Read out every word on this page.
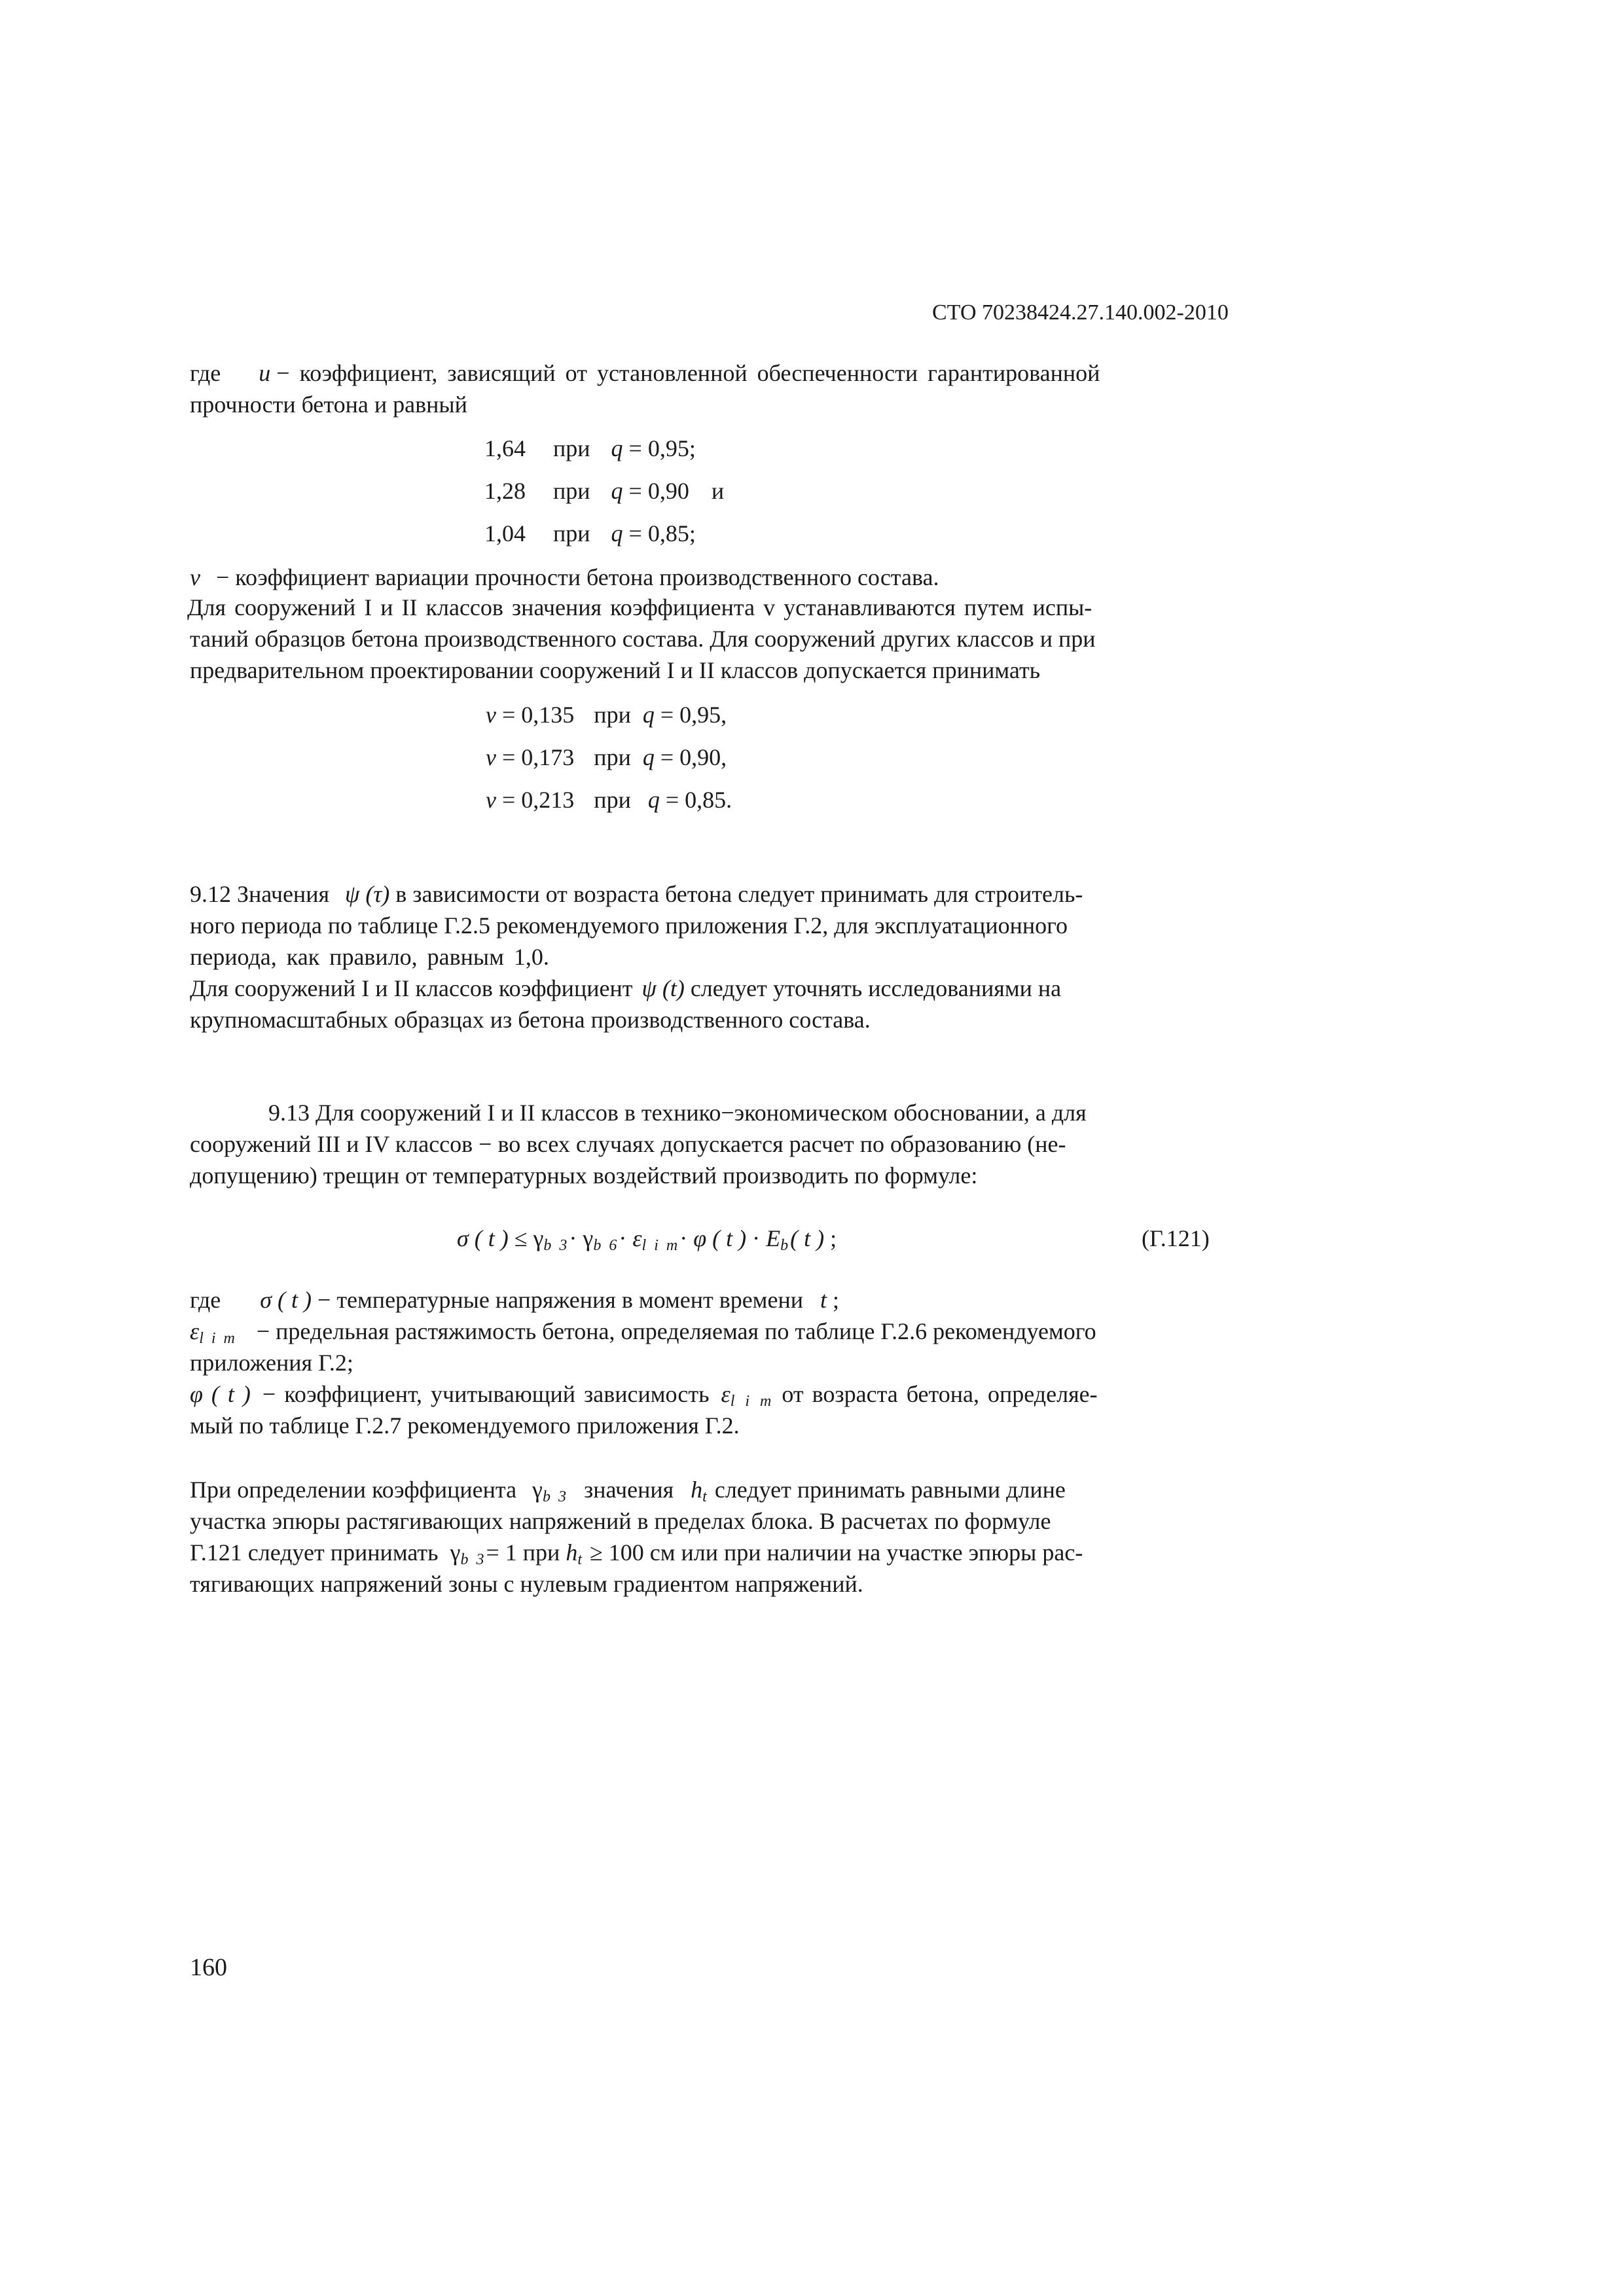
СТО 70238424.27.140.002-2010
где u − коэффициент, зависящий от установленной обеспеченности гарантированной
прочности бетона и равный
1,64 при q = 0,95;
1,28 при q = 0,90 и
1,04 при q = 0,85;
v − коэффициент вариации прочности бетона производственного состава.
Для сооружений I и II классов значения коэффициента v устанавливаются путем испы-
таний образцов бетона производственного состава. Для сооружений других классов и при
предварительном проектировании сооружений I и II классов допускается принимать
v = 0,135 при q = 0,95,
v = 0,173 при q = 0,90,
v = 0,213 при q = 0,85.
9.12 Значения ψ (τ) в зависимости от возраста бетона следует принимать для строитель-
ного периода по таблице Г.2.5 рекомендуемого приложения Г.2, для эксплуатационного
периода, как правило, равным 1,0.
Для сооружений I и II классов коэффициент ψ (t) следует уточнять исследованиями на
крупномасштабных образцах из бетона производственного состава.
9.13 Для сооружений I и II классов в технико−экономическом обосновании, а для
сооружений III и IV классов − во всех случаях допускается расчет по образованию (не-
допущению) трещин от температурных воздействий производить по формуле:
σ ( t ) ≤ $\gamma_{b 3}\cdot \gamma_{b 6}\cdot \varepsilon_{l i m}\cdot \varphi$ ( t ) · $E_b$( t ) ;	(Г.121)
где σ ( t ) − температурные напряжения в момент времени t ;
$\varepsilon_{l i m}$ − предельная растяжимость бетона, определяемая по таблице Г.2.6 рекомендуемого
приложения Г.2;
φ ( t ) − коэффициент, учитывающий зависимость $\varepsilon_{l i m}$ от возраста бетона, определяе-
мый по таблице Г.2.7 рекомендуемого приложения Г.2.
При определении коэффициента $\gamma_{b 3}$ значения $h_t$ следует принимать равными длине
участка эпюры растягивающих напряжений в пределах блока. В расчетах по формуле
Г.121 следует принимать $\gamma_{b 3}= 1$ при $h_t \ge 100$ см или при наличии на участке эпюры рас-
тягивающих напряжений зоны с нулевым градиентом напряжений.
160
